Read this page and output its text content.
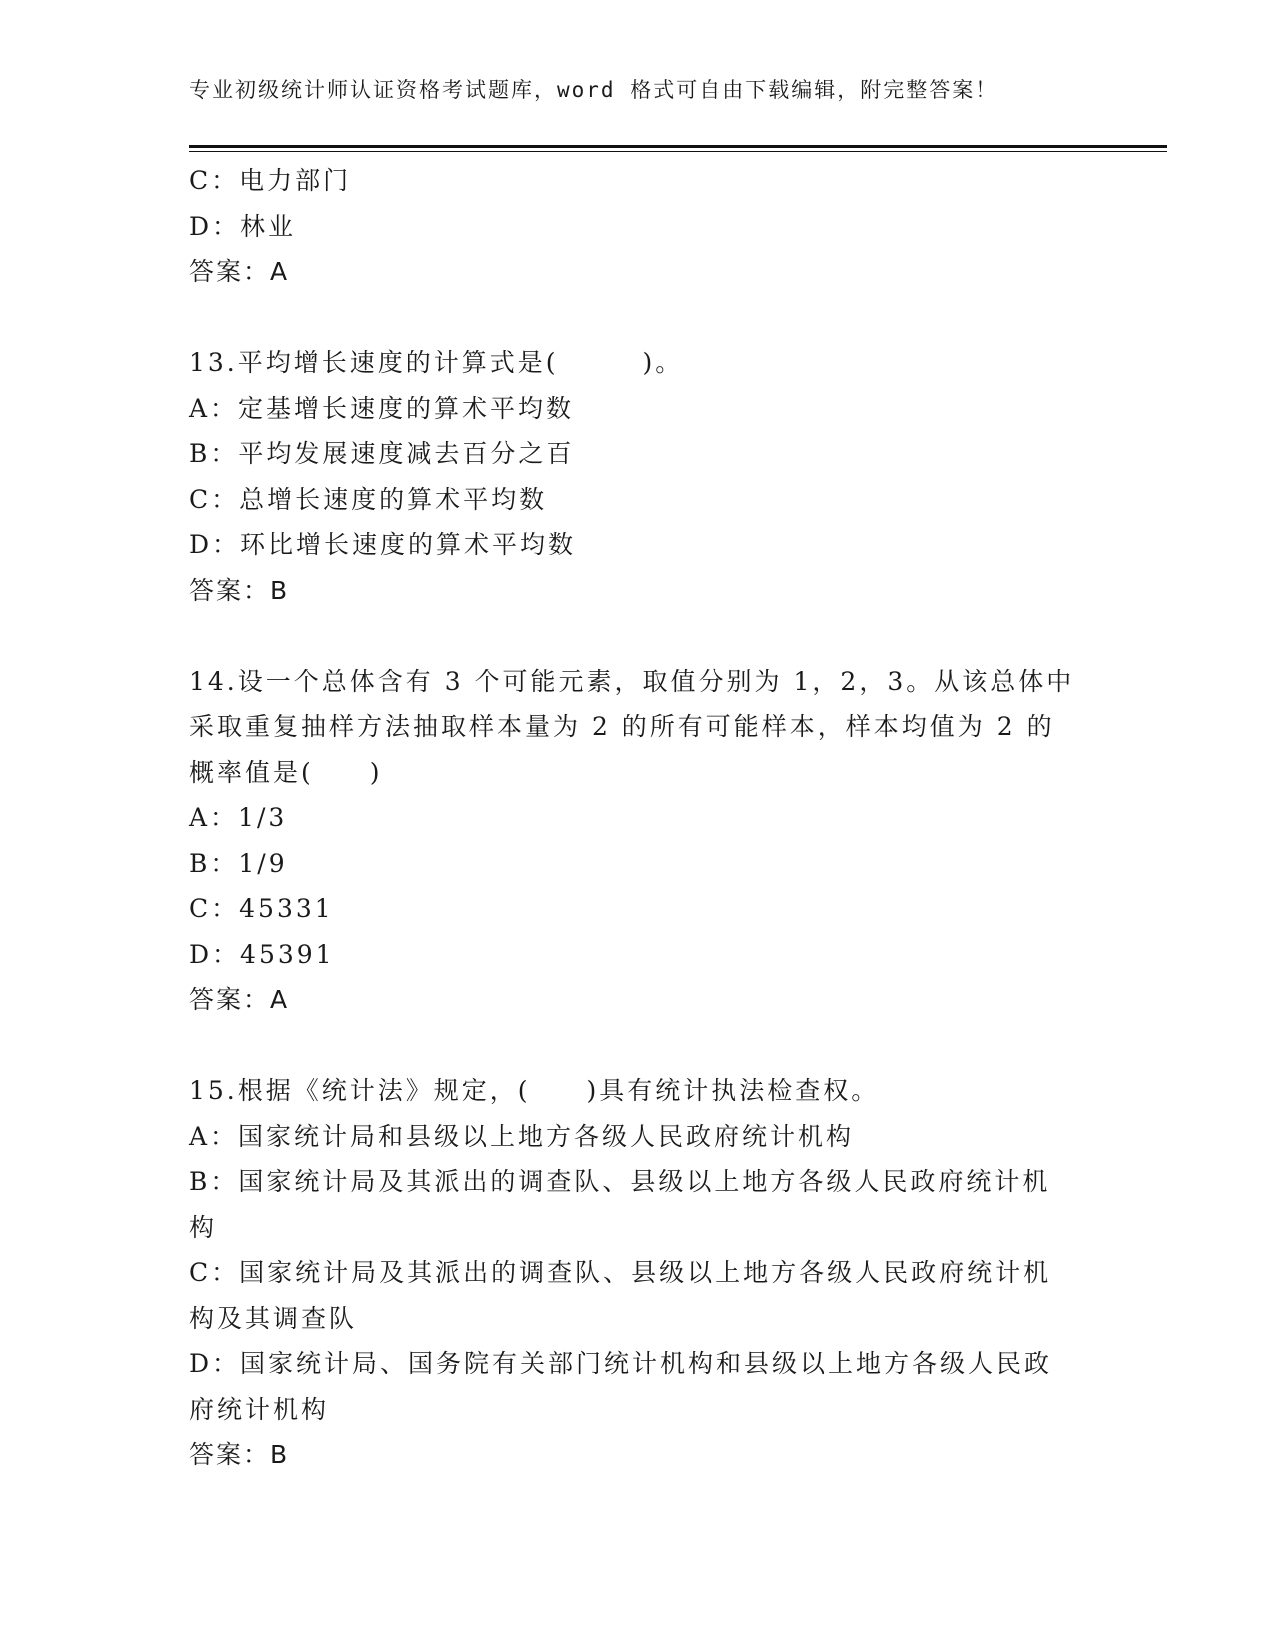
专业初级统计师认证资格考试题库，word 格式可自由下载编辑，附完整答案！
C：电力部门
D：林业
答案：A
13.平均增长速度的计算式是(　　　)。
A：定基增长速度的算术平均数
B：平均发展速度减去百分之百
C：总增长速度的算术平均数
D：环比增长速度的算术平均数
答案：B
14.设一个总体含有 3 个可能元素，取值分别为 1，2，3。从该总体中
采取重复抽样方法抽取样本量为 2 的所有可能样本，样本均值为 2 的
概率值是(　　)
A：1/3
B：1/9
C：45331
D：45391
答案：A
15.根据《统计法》规定，(　　)具有统计执法检查权。
A：国家统计局和县级以上地方各级人民政府统计机构
B：国家统计局及其派出的调查队、县级以上地方各级人民政府统计机
构
C：国家统计局及其派出的调查队、县级以上地方各级人民政府统计机
构及其调查队
D：国家统计局、国务院有关部门统计机构和县级以上地方各级人民政
府统计机构
答案：B
